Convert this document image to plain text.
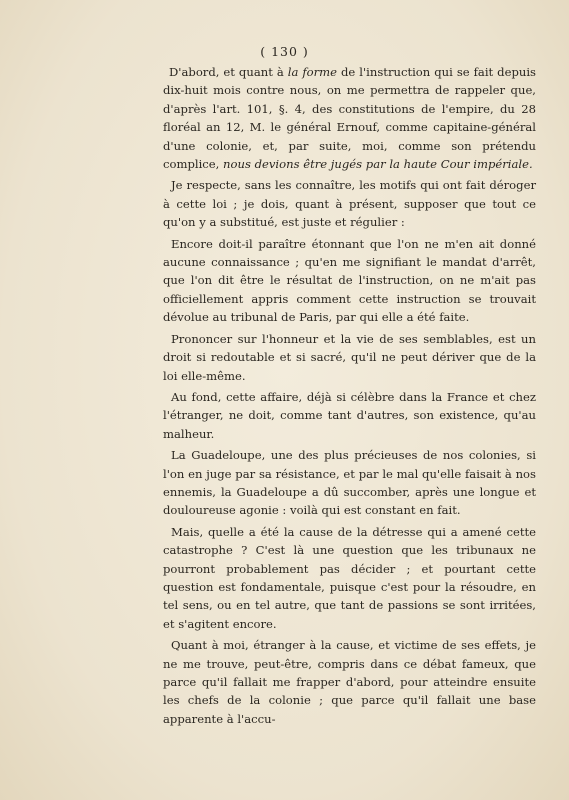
( 130 )

D'abord, et quant à la forme de l'instruction qui se fait depuis dix-huit mois contre nous, on me permettra de rappeler que, d'après l'art. 101, §. 4, des constitutions de l'empire, du 28 floréal an 12, M. le général Ernouf, comme capitaine-général d'une colonie, et, par suite, moi, comme son prétendu complice, nous devions être jugés par la haute Cour impériale.

Je respecte, sans les connaître, les motifs qui ont fait déroger à cette loi ; je dois, quant à présent, supposer que tout ce qu'on y a substitué, est juste et régulier :

Encore doit-il paraître étonnant que l'on ne m'en ait donné aucune connaissance ; qu'en me signifiant le mandat d'arrêt, que l'on dit être le résultat de l'instruction, on ne m'ait pas officiellement appris comment cette instruction se trouvait dévolue au tribunal de Paris, par qui elle a été faite.

Prononcer sur l'honneur et la vie de ses semblables, est un droit si redoutable et si sacré, qu'il ne peut dériver que de la loi elle-même.

Au fond, cette affaire, déjà si célèbre dans la France et chez l'étranger, ne doit, comme tant d'autres, son existence, qu'au malheur.

La Guadeloupe, une des plus précieuses de nos colonies, si l'on en juge par sa résistance, et par le mal qu'elle faisait à nos ennemis, la Guadeloupe a dû succomber, après une longue et douloureuse agonie : voilà qui est constant en fait.

Mais, quelle a été la cause de la détresse qui a amené cette catastrophe ? C'est là une question que les tribunaux ne pourront probablement pas décider ; et pourtant cette question est fondamentale, puisque c'est pour la résoudre, en tel sens, ou en tel autre, que tant de passions se sont irritées, et s'agitent encore.

Quant à moi, étranger à la cause, et victime de ses effets, je ne me trouve, peut-être, compris dans ce débat fameux, que parce qu'il fallait me frapper d'abord, pour atteindre ensuite les chefs de la colonie ; que parce qu'il fallait une base apparente à l'accu-
